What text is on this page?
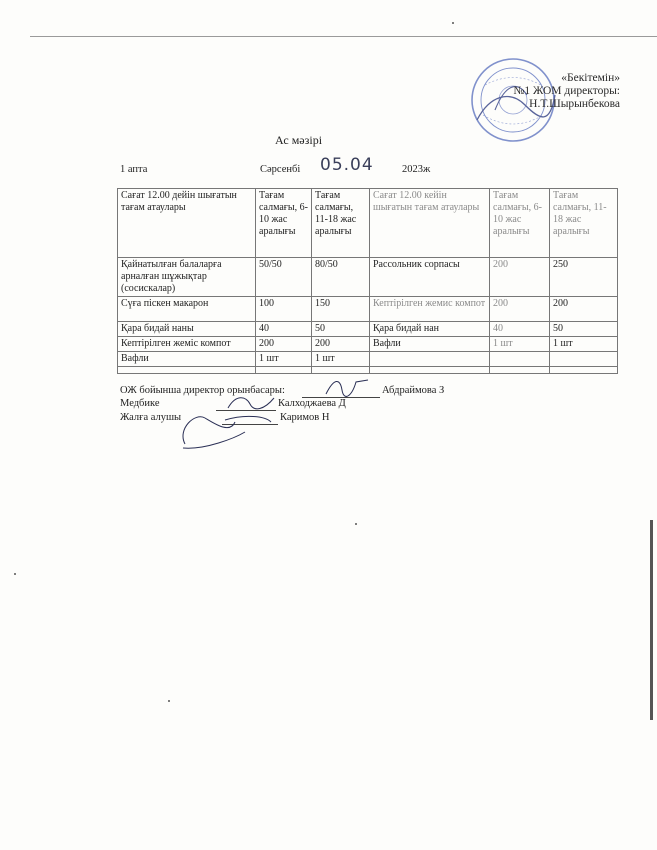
«Бекітемін»
№1 ЖОМ директоры:
Н.Т.Шырынбекова
Ас мәзірі
1 апта	Сәрсенбі 05.04	2023ж
Сағат 12.00 дейін шығатын тағам атаулары	Тағам салмағы, 6-10 жас аралығы	Тағам салмағы, 11-18 жас аралығы	Сағат 12.00 кейін шығатын тағам атаулары	Тағам салмағы, 6-10 жас аралығы	Тағам салмағы, 11-18 жас аралығы
Қайнатылған балаларға арналған шұжықтар (сосискалар)	50/50	80/50	Рассольник сорпасы	200	250
Сүға піскен макарон	100	150	Кептірілген жемис компот	200	200
Қара бидай наны	40	50	Қара бидай нан	40	50
Кептірілген жеміс компот	200	200	Вафли	1 шт	1 шт
Вафли	1 шт	1 шт			

ОЖ бойынша директор орынбасары:	Абдраймова З
Медбике	Калходжаева Д
Жалға алушы	Каримов Н
